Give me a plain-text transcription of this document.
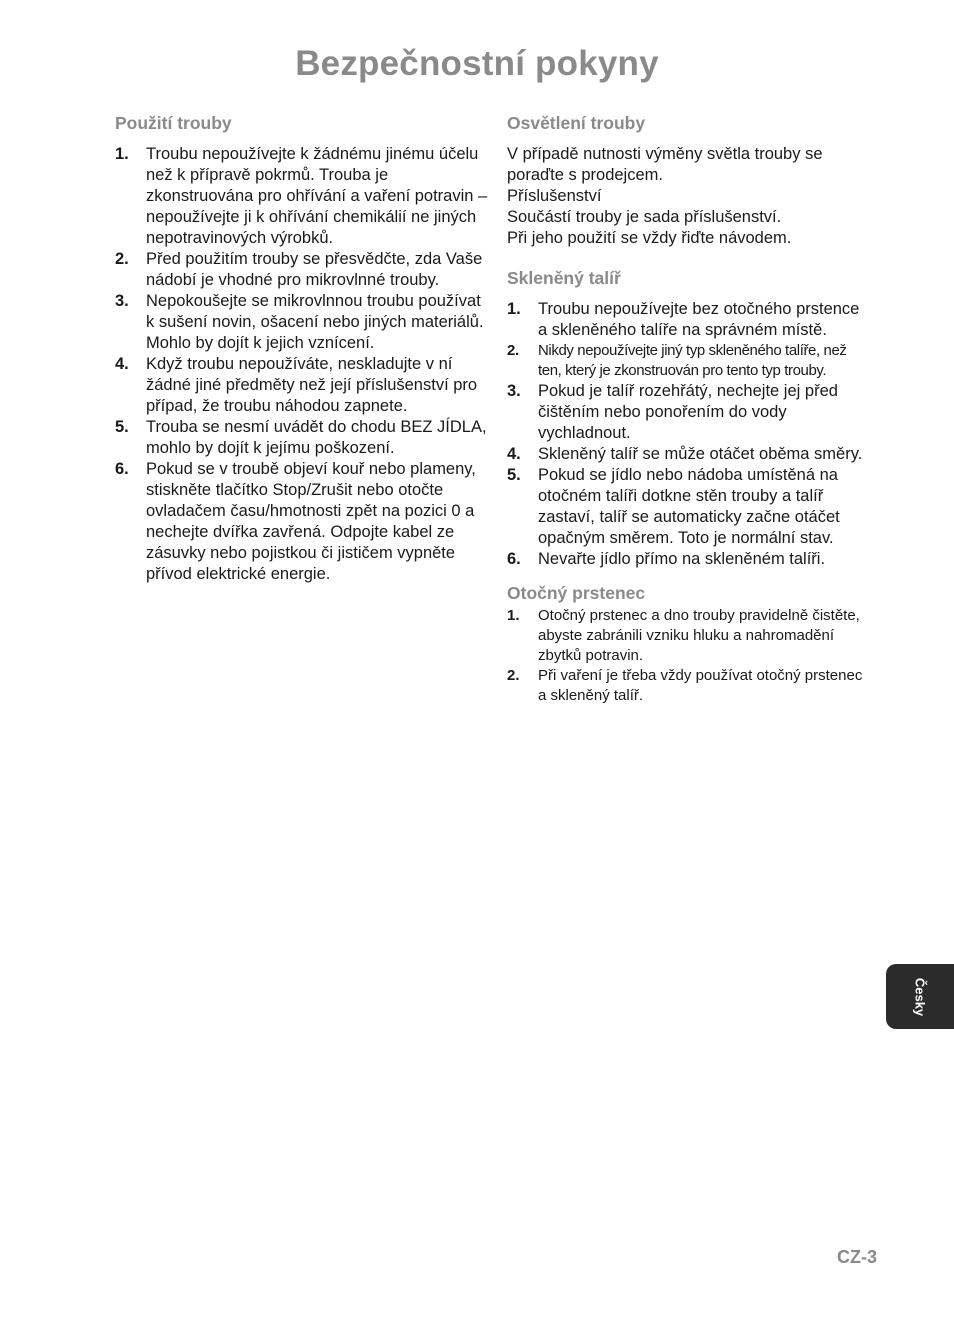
Bezpečnostní pokyny
Použití trouby
1. Troubu nepoužívejte k žádnému jinému účelu než k přípravě pokrmů. Trouba je zkonstruována pro ohřívání a vaření potravin – nepoužívejte ji k ohřívání chemikálií ne jiných nepotravinových výrobků.
2. Před použitím trouby se přesvědčte, zda Vaše nádobí je vhodné pro mikrovlnné trouby.
3. Nepokoušejte se mikrovlnnou troubu používat k sušení novin, ošacení nebo jiných materiálů. Mohlo by dojít k jejich vznícení.
4. Když troubu nepoužíváte, neskladujte v ní žádné jiné předměty než její příslušenství pro případ, že troubu náhodou zapnete.
5. Trouba se nesmí uvádět do chodu BEZ JÍDLA, mohlo by dojít k jejímu poškození.
6. Pokud se v troubě objeví kouř nebo plameny, stiskněte tlačítko Stop/Zrušit nebo otočte ovladačem času/hmotnosti zpět na pozici 0 a nechejte dvířka zavřená. Odpojte kabel ze zásuvky nebo pojistkou či jističem vypněte přívod elektrické energie.
Osvětlení trouby

V případě nutnosti výměny světla trouby se poraďte s prodejcem.

Příslušenství

Součástí trouby je sada příslušenství.

Při jeho použití se vždy řiďte návodem.

Skleněný talíř
1. Troubu nepoužívejte bez otočného prstence a skleněného talíře na správném místě.
2. Nikdy nepoužívejte jiný typ skleněného talíře, než ten, který je zkonstruován pro tento typ trouby.
3. Pokud je talíř rozehřátý, nechejte jej před čištěním nebo ponořením do vody vychladnout.
4. Skleněný talíř se může otáčet oběma směry.
5. Pokud se jídlo nebo nádoba umístěná na otočném talíři dotkne stěn trouby a talíř zastaví, talíř se automaticky začne otáčet opačným směrem. Toto je normální stav.
6. Nevařte jídlo přímo na skleněném talíři.
Otočný prstenec
1. Otočný prstenec a dno trouby pravidelně čistěte, abyste zabránili vzniku hluku a nahromadění zbytků potravin.
2. Při vaření je třeba vždy používat otočný prstenec a skleněný talíř.
Česky
CZ-3
